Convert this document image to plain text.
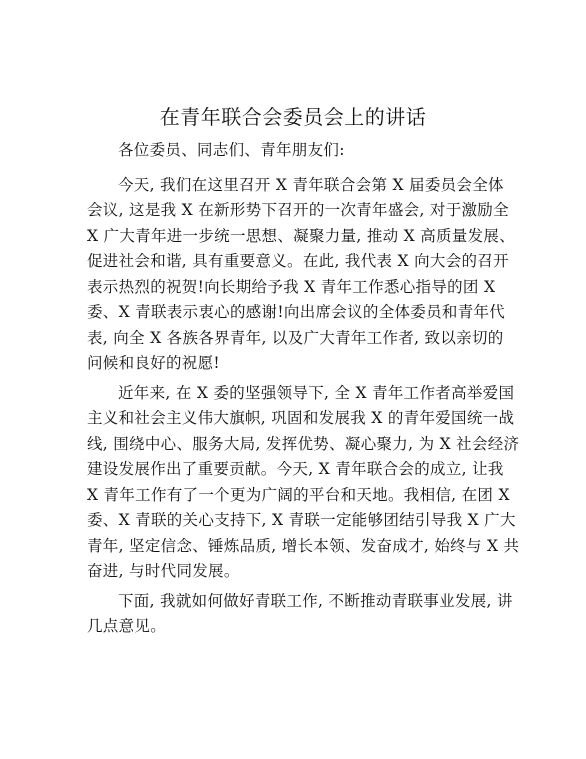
在青年联合会委员会上的讲话

各位委员、同志们、青年朋友们:

今天, 我们在这里召开 X 青年联合会第 X 届委员会全体
会议, 这是我 X 在新形势下召开的一次青年盛会, 对于激励全
X 广大青年进一步统一思想、凝聚力量, 推动 X 高质量发展、
促进社会和谐, 具有重要意义。在此, 我代表 X 向大会的召开
表示热烈的祝贺!向长期给予我 X 青年工作悉心指导的团 X
委、X 青联表示衷心的感谢!向出席会议的全体委员和青年代
表, 向全 X 各族各界青年, 以及广大青年工作者, 致以亲切的
问候和良好的祝愿!

近年来, 在 X 委的坚强领导下, 全 X 青年工作者高举爱国
主义和社会主义伟大旗帜, 巩固和发展我 X 的青年爱国统一战
线, 围绕中心、服务大局, 发挥优势、凝心聚力, 为 X 社会经济
建设发展作出了重要贡献。今天, X 青年联合会的成立, 让我
X 青年工作有了一个更为广阔的平台和天地。我相信, 在团 X
委、X 青联的关心支持下, X 青联一定能够团结引导我 X 广大
青年, 坚定信念、锤炼品质, 增长本领、发奋成才, 始终与 X 共
奋进, 与时代同发展。

下面, 我就如何做好青联工作, 不断推动青联事业发展, 讲
几点意见。
